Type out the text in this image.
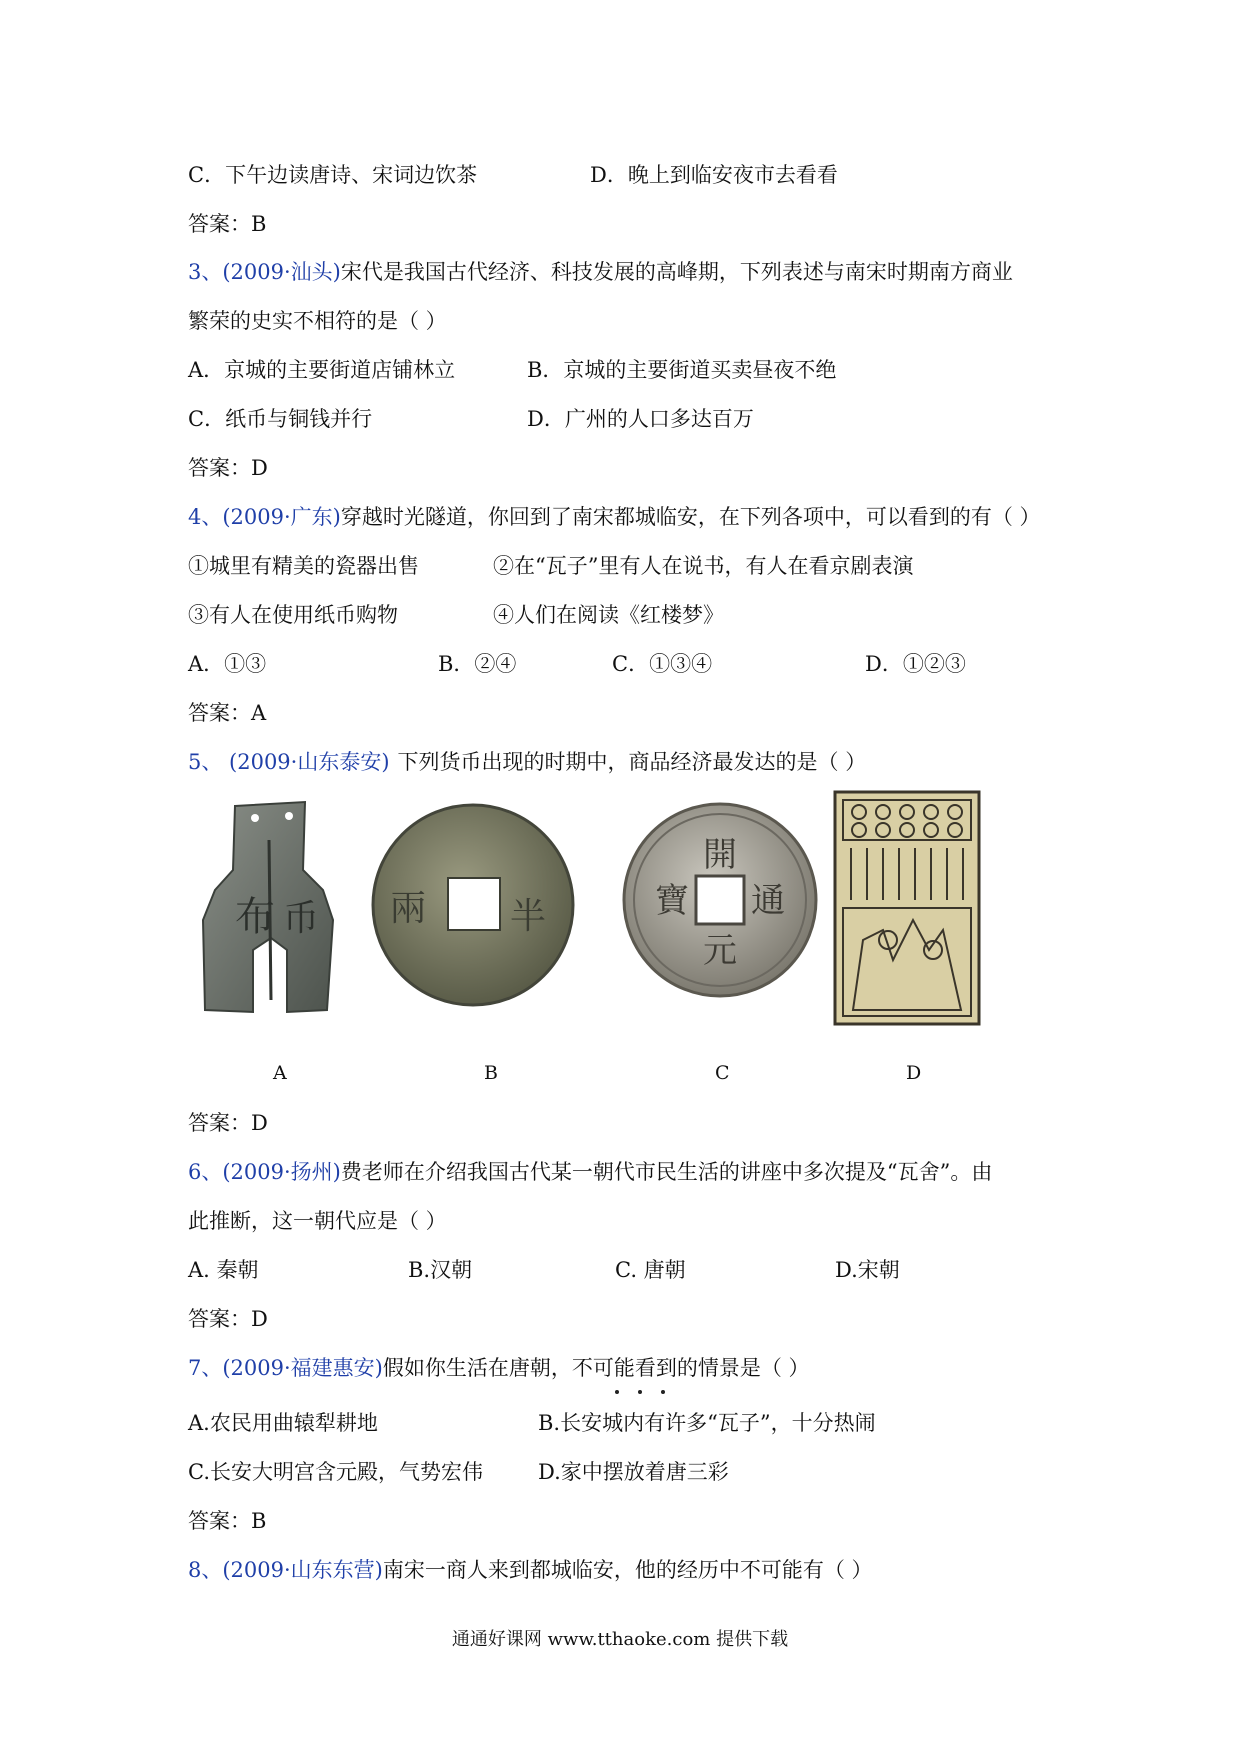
C．下午边读唐诗、宋词边饮茶	D．晚上到临安夜市去看看
答案：B
3、(2009·汕头)宋代是我国古代经济、科技发展的高峰期，下列表述与南宋时期南方商业
繁荣的史实不相符的是（ ）
A．京城的主要街道店铺林立	B．京城的主要街道买卖昼夜不绝
C．纸币与铜钱并行	D．广州的人口多达百万
答案：D
4、(2009·广东)穿越时光隧道，你回到了南宋都城临安，在下列各项中，可以看到的有（ ）
①城里有精美的瓷器出售	②在“瓦子”里有人在说书，有人在看京剧表演
③有人在使用纸币购物	④人们在阅读《红楼梦》
A．①③	B．②④	C．①③④	D．①②③
答案：A
5、 (2009·山东泰安) 下列货币出现的时期中，商品经济最发达的是（ ）
布 币 兩 半
開
元
通
寶
A	B	C	D
答案：D
6、(2009·扬州)费老师在介绍我国古代某一朝代市民生活的讲座中多次提及“瓦舍”。由
此推断，这一朝代应是（ ）
A. 秦朝	B.汉朝	C. 唐朝	D.宋朝
答案：D
7、(2009·福建惠安)假如你生活在唐朝，不可能看到的情景是（ ）
A.农民用曲辕犁耕地	B.长安城内有许多“瓦子”，十分热闹
C.长安大明宫含元殿，气势宏伟	D.家中摆放着唐三彩
答案：B
8、(2009·山东东营)南宋一商人来到都城临安，他的经历中不可能有（ ）
通通好课网 www.tthaoke.com 提供下载
